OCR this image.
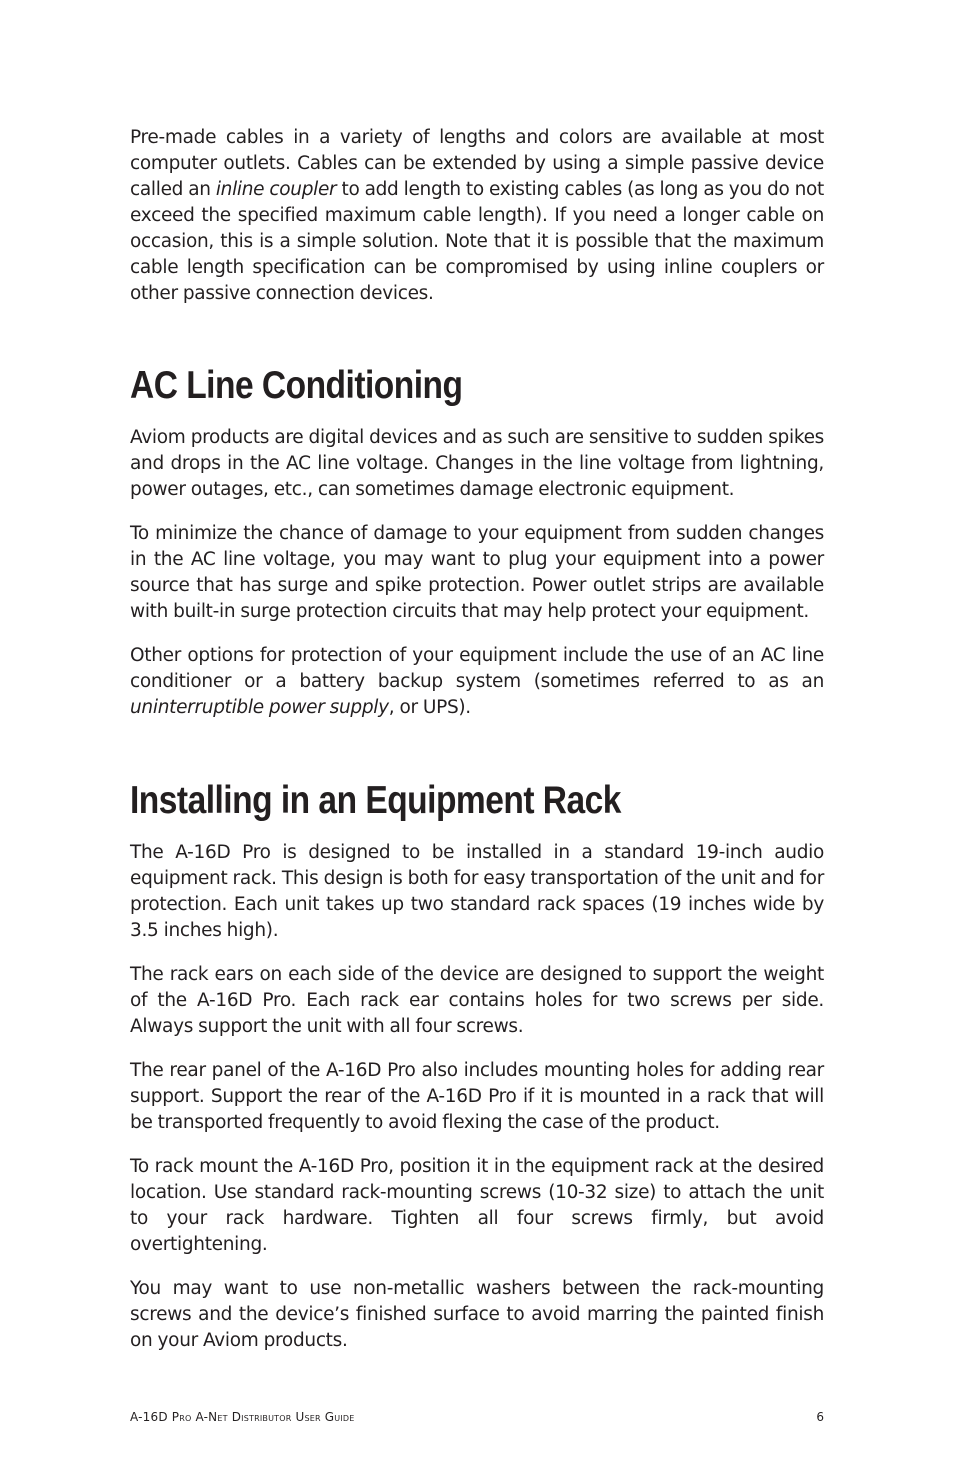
Pre-made cables in a variety of lengths and colors are available at most computer outlets. Cables can be extended by using a simple passive device called an inline coupler to add length to existing cables (as long as you do not exceed the specified maximum cable length). If you need a longer cable on occasion, this is a simple solution. Note that it is possible that the maximum cable length specification can be compromised by using inline couplers or other passive connection devices.

AC Line Conditioning

Aviom products are digital devices and as such are sensitive to sudden spikes and drops in the AC line voltage. Changes in the line voltage from lightning, power outages, etc., can sometimes damage electronic equipment.

To minimize the chance of damage to your equipment from sudden changes in the AC line voltage, you may want to plug your equipment into a power source that has surge and spike protection. Power outlet strips are available with built-in surge protection circuits that may help protect your equipment.

Other options for protection of your equipment include the use of an AC line conditioner or a battery backup system (sometimes referred to as an uninterruptible power supply, or UPS).

Installing in an Equipment Rack

The A-16D Pro is designed to be installed in a standard 19-inch audio equipment rack. This design is both for easy transportation of the unit and for protection. Each unit takes up two standard rack spaces (19 inches wide by 3.5 inches high).

The rack ears on each side of the device are designed to support the weight of the A-16D Pro. Each rack ear contains holes for two screws per side. Always support the unit with all four screws.

The rear panel of the A-16D Pro also includes mounting holes for adding rear support. Support the rear of the A-16D Pro if it is mounted in a rack that will be transported frequently to avoid flexing the case of the product.

To rack mount the A-16D Pro, position it in the equipment rack at the desired location. Use standard rack-mounting screws (10-32 size) to attach the unit to your rack hardware. Tighten all four screws firmly, but avoid overtightening.

You may want to use non-metallic washers between the rack-mounting screws and the device’s finished surface to avoid marring the painted finish on your Aviom products.

A-16D Pro A-Net Distributor User Guide	6
